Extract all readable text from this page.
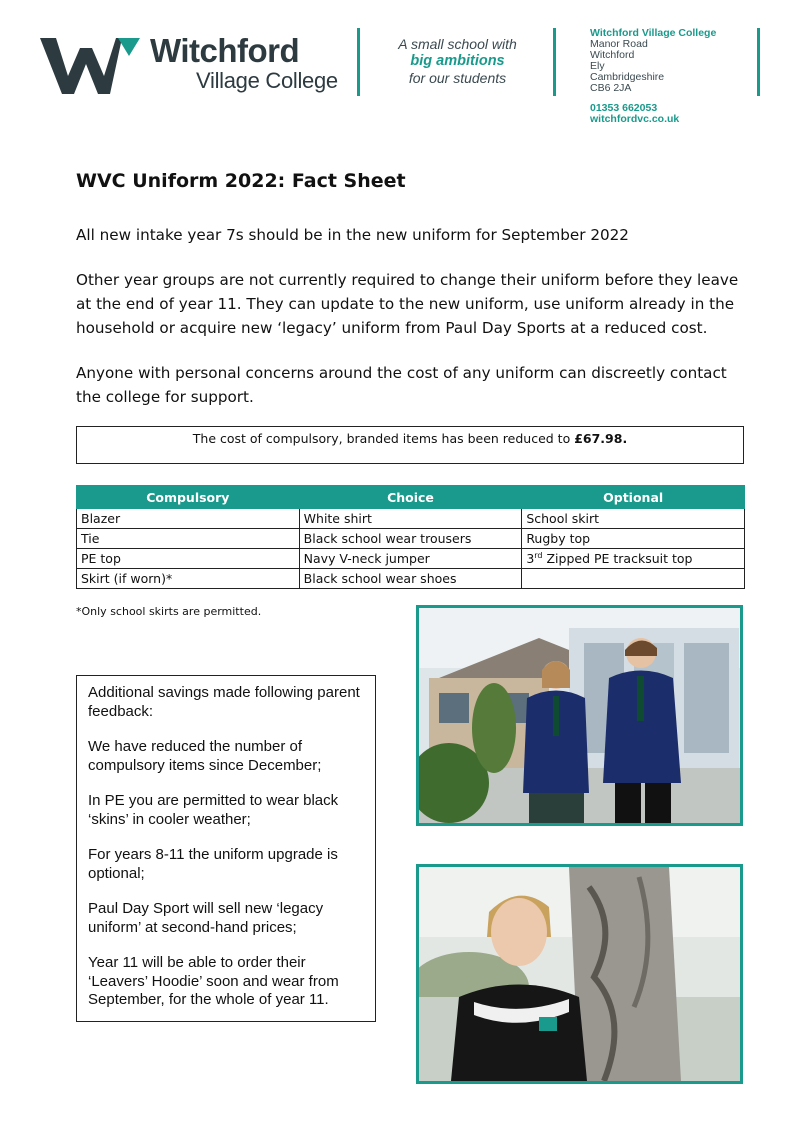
Witchford
Village College
A small school with
big ambitions
for our students
Witchford Village College
Manor Road
Witchford
Ely
Cambridgeshire
CB6 2JA
01353 662053
witchfordvc.co.uk
WVC Uniform 2022: Fact Sheet
All new intake year 7s should be in the new uniform for September 2022
Other year groups are not currently required to change their uniform before they leave at the end of year 11. They can update to the new uniform, use uniform already in the household or acquire new ‘legacy’ uniform from Paul Day Sports at a reduced cost.
Anyone with personal concerns around the cost of any uniform can discreetly contact the college for support.
The cost of compulsory, branded items has been reduced to £67.98.
Compulsory	Choice	Optional
Blazer	White shirt	School skirt
Tie	Black school wear trousers	Rugby top
PE top	Navy V-neck jumper	3rd Zipped PE tracksuit top
Skirt (if worn)*	Black school wear shoes	
*Only school skirts are permitted.

Additional savings made following parent feedback:

We have reduced the number of compulsory items since December;

In PE you are permitted to wear black ‘skins’ in cooler weather;

For years 8-11 the uniform upgrade is optional;

Paul Day Sport will sell new ‘legacy uniform’ at second-hand prices;

Year 11 will be able to order their ‘Leavers’ Hoodie’ soon and wear from September, for the whole of year 11.
